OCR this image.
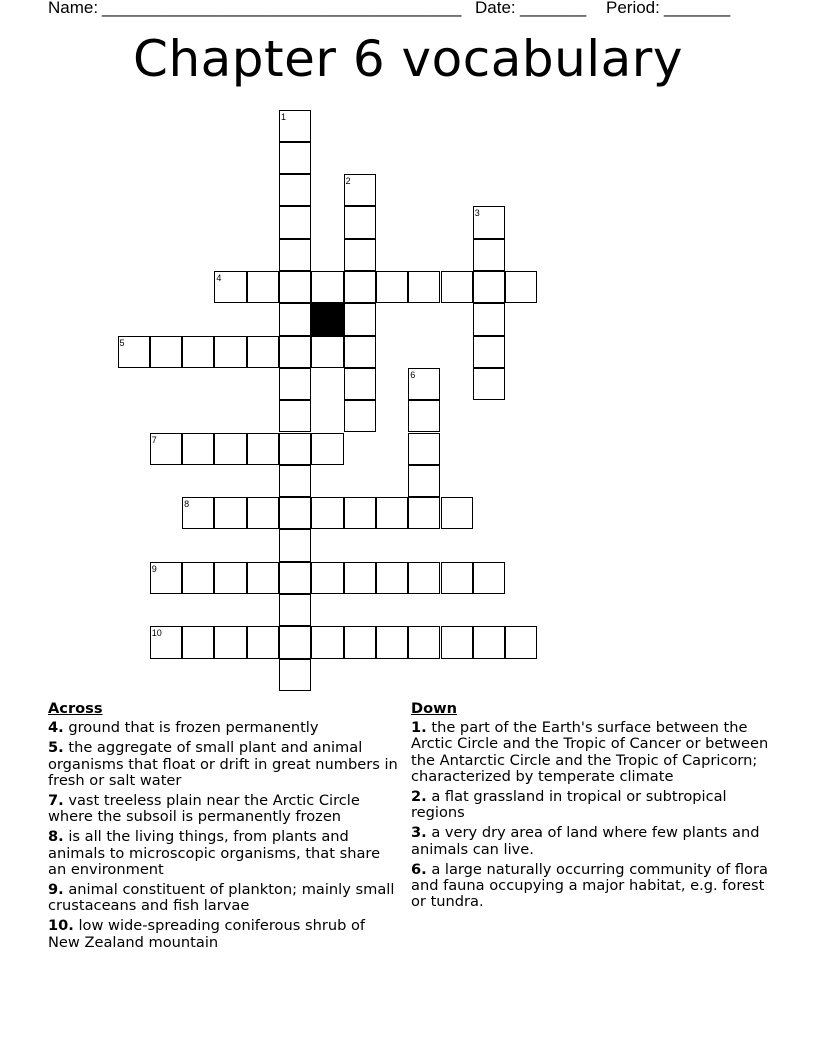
Name: ______________________________________ Date: _______ Period: _______
Chapter 6 vocabulary
1
2
3
4
5
6
7
8
9
10
Across
4. ground that is frozen permanently
5. the aggregate of small plant and animal organisms that float or drift in great numbers in fresh or salt water
7. vast treeless plain near the Arctic Circle where the subsoil is permanently frozen
8. is all the living things, from plants and animals to microscopic organisms, that share an environment
9. animal constituent of plankton; mainly small crustaceans and fish larvae
10. low wide-spreading coniferous shrub of New Zealand mountain
Down
1. the part of the Earth's surface between the Arctic Circle and the Tropic of Cancer or between the Antarctic Circle and the Tropic of Capricorn; characterized by temperate climate
2. a flat grassland in tropical or subtropical regions
3. a very dry area of land where few plants and animals can live.
6. a large naturally occurring community of flora and fauna occupying a major habitat, e.g. forest or tundra.
